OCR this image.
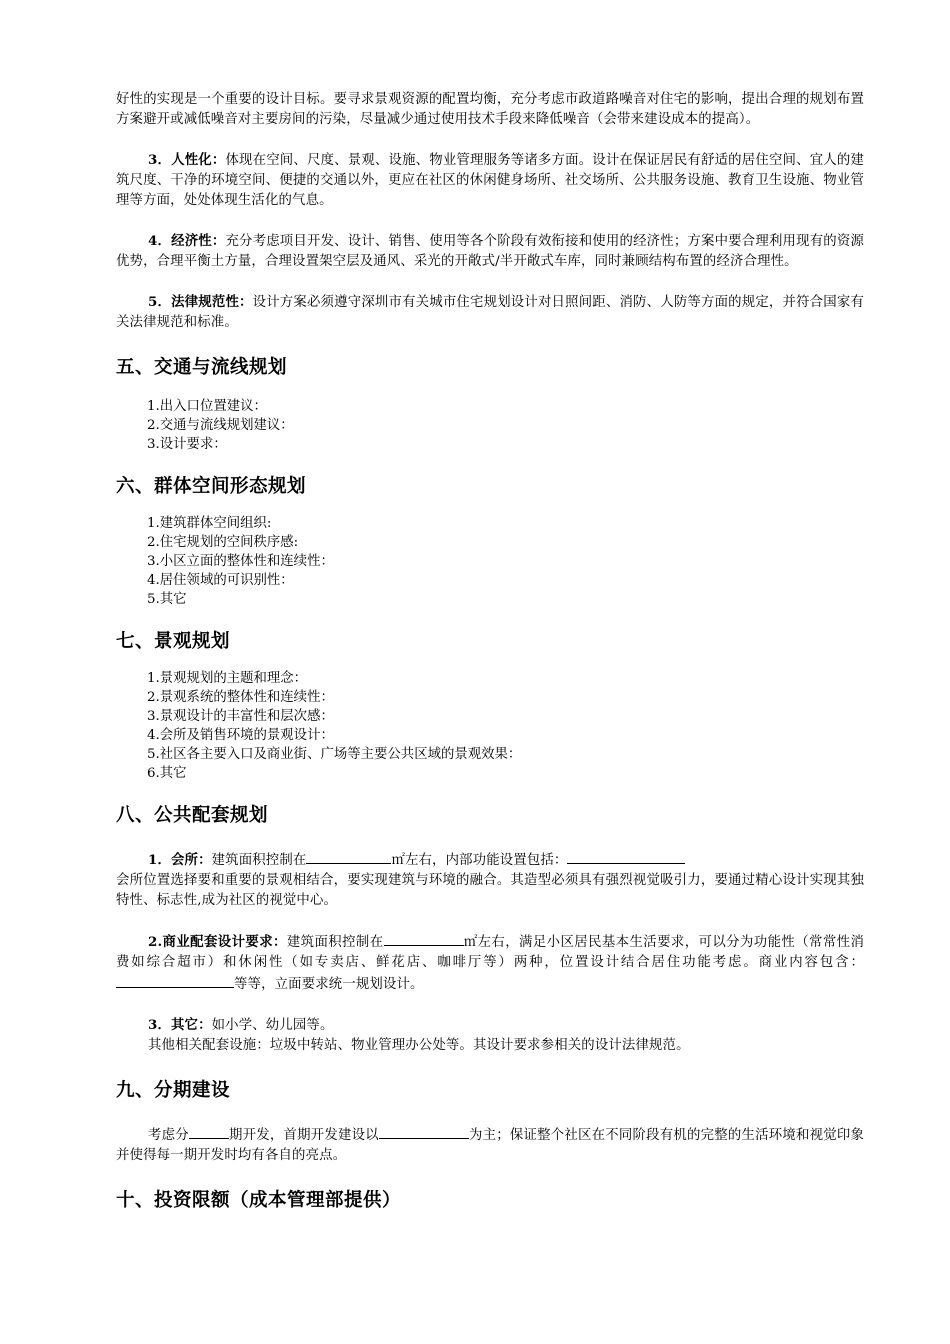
好性的实现是一个重要的设计目标。要寻求景观资源的配置均衡，充分考虑市政道路噪音对住宅的影响，提出合理的规划布置方案避开或减低噪音对主要房间的污染，尽量减少通过使用技术手段来降低噪音（会带来建设成本的提高）。

3．人性化：体现在空间、尺度、景观、设施、物业管理服务等诸多方面。设计在保证居民有舒适的居住空间、宜人的建筑尺度、干净的环境空间、便捷的交通以外，更应在社区的休闲健身场所、社交场所、公共服务设施、教育卫生设施、物业管理等方面，处处体现生活化的气息。

4．经济性：充分考虑项目开发、设计、销售、使用等各个阶段有效衔接和使用的经济性；方案中要合理利用现有的资源优势，合理平衡土方量，合理设置架空层及通风、采光的开敞式/半开敞式车库，同时兼顾结构布置的经济合理性。

5．法律规范性：设计方案必须遵守深圳市有关城市住宅规划设计对日照间距、消防、人防等方面的规定，并符合国家有关法律规范和标准。

五、交通与流线规划
1.出入口位置建议：
2.交通与流线规划建议：
3.设计要求：
六、群体空间形态规划
1.建筑群体空间组织:
2.住宅规划的空间秩序感:
3.小区立面的整体性和连续性：
4.居住领域的可识别性：
5.其它
七、景观规划
1.景观规划的主题和理念：
2.景观系统的整体性和连续性：
3.景观设计的丰富性和层次感：
4.会所及销售环境的景观设计：
5.社区各主要入口及商业街、广场等主要公共区域的景观效果：
6.其它
八、公共配套规划

1．会所：建筑面积控制在	㎡左右，内部功能设置包括：

会所位置选择要和重要的景观相结合，要实现建筑与环境的融合。其造型必须具有强烈视觉吸引力，要通过精心设计实现其独特性、标志性,成为社区的视觉中心。

2.商业配套设计要求：建筑面积控制在	㎡左右，满足小区居民基本生活要求，可以分为功能性（常常性消费如综合超市）和休闲性（如专卖店、鲜花店、咖啡厅等）两种，位置设计结合居住功能考虑。商业内容包含：等等，立面要求统一规划设计。

3．其它：如小学、幼儿园等。

其他相关配套设施：垃圾中转站、物业管理办公处等。其设计要求参相关的设计法律规范。

九、分期建设

考虑分	期开发，首期开发建设以	为主；保证整个社区在不同阶段有机的完整的生活环境和视觉印象并使得每一期开发时均有各自的亮点。

十、投资限额（成本管理部提供）
